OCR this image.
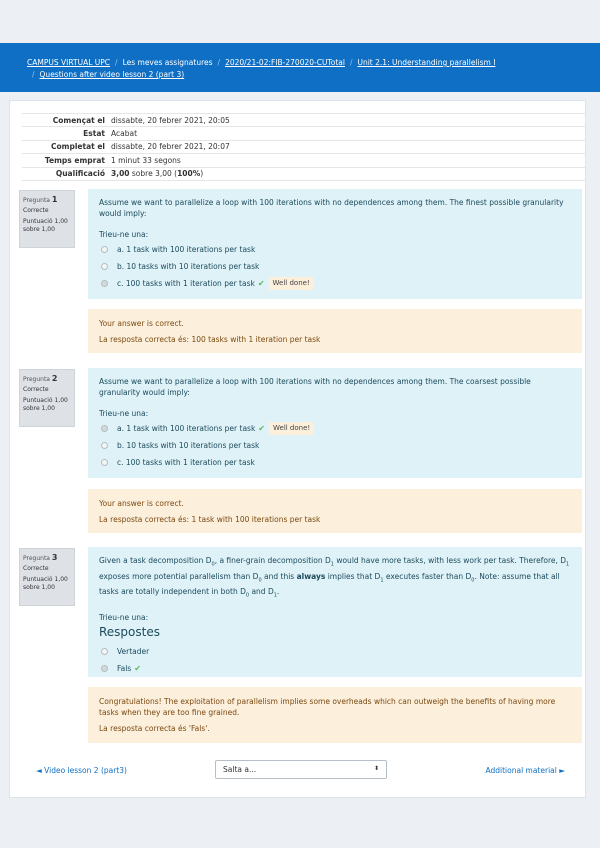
CAMPUS VIRTUAL UPC / Les meves assignatures / 2020/21-02:FIB-270020-CUTotal / Unit 2.1: Understanding parallelism I
/ Questions after video lesson 2 (part 3)
Començat el	dissabte, 20 febrer 2021, 20:05
Estat	Acabat
Completat el	dissabte, 20 febrer 2021, 20:07
Temps emprat	1 minut 33 segons
Qualificació	3,00 sobre 3,00 (100%)
Pregunta 1
Correcte
Puntuació 1,00
sobre 1,00
Assume we want to parallelize a loop with 100 iterations with no dependences among them. The finest possible granularity would imply:
Trieu-ne una:
a. 1 task with 100 iterations per task
b. 10 tasks with 10 iterations per task
c. 100 tasks with 1 iteration per task ✔	Well done!

Your answer is correct.

La resposta correcta és: 100 tasks with 1 iteration per task

Pregunta 2
Correcte
Puntuació 1,00
sobre 1,00
Assume we want to parallelize a loop with 100 iterations with no dependences among them. The coarsest possible granularity would imply:
Trieu-ne una:
a. 1 task with 100 iterations per task ✔	Well done!
b. 10 tasks with 10 iterations per task
c. 100 tasks with 1 iteration per task

Your answer is correct.

La resposta correcta és: 1 task with 100 iterations per task

Pregunta 3
Correcte
Puntuació 1,00
sobre 1,00
Given a task decomposition $D_0$, a finer-grain decomposition $D_1$ would have more tasks, with less work per task. Therefore, $D_1$ exposes more potential parallelism than $D_0$ and this always implies that $D_1$ executes faster than $D_0$. Note: assume that all tasks are totally independent in both $D_0$ and $D_1$.
Trieu-ne una:
Respostes
Vertader
Fals ✔

Congratulations! The exploitation of parallelism implies some overheads which can outweigh the benefits of having more tasks when they are too fine grained.

La resposta correcta és 'Fals'.

◄ Video lesson 2 (part3)	Salta a...	⬍	Additional material ►
